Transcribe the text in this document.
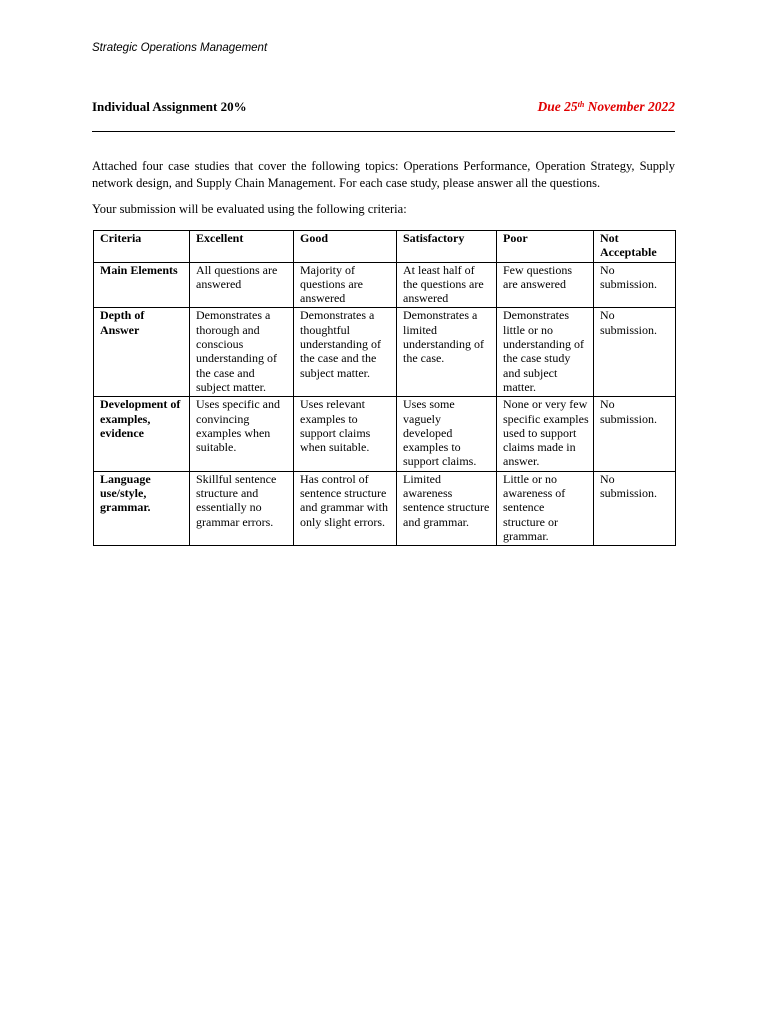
Strategic Operations Management
Individual Assignment 20%	Due 25th November 2022

Attached four case studies that cover the following topics: Operations Performance, Operation Strategy, Supply network design, and Supply Chain Management. For each case study, please answer all the questions.

Your submission will be evaluated using the following criteria:

Criteria	Excellent	Good	Satisfactory	Poor	Not Acceptable
Main Elements	All questions are answered	Majority of questions are answered	At least half of the questions are answered	Few questions are answered	No submission.
Depth of Answer	Demonstrates a thorough and conscious understanding of the case and subject matter.	Demonstrates a thoughtful understanding of the case and the subject matter.	Demonstrates a limited understanding of the case.	Demonstrates little or no understanding of the case study and subject matter.	No submission.
Development of examples, evidence	Uses specific and convincing examples when suitable.	Uses relevant examples to support claims when suitable.	Uses some vaguely developed examples to support claims.	None or very few specific examples used to support claims made in answer.	No submission.
Language use/style, grammar.	Skillful sentence structure and essentially no grammar errors.	Has control of sentence structure and grammar with only slight errors.	Limited awareness sentence structure and grammar.	Little or no awareness of sentence structure or grammar.	No submission.
